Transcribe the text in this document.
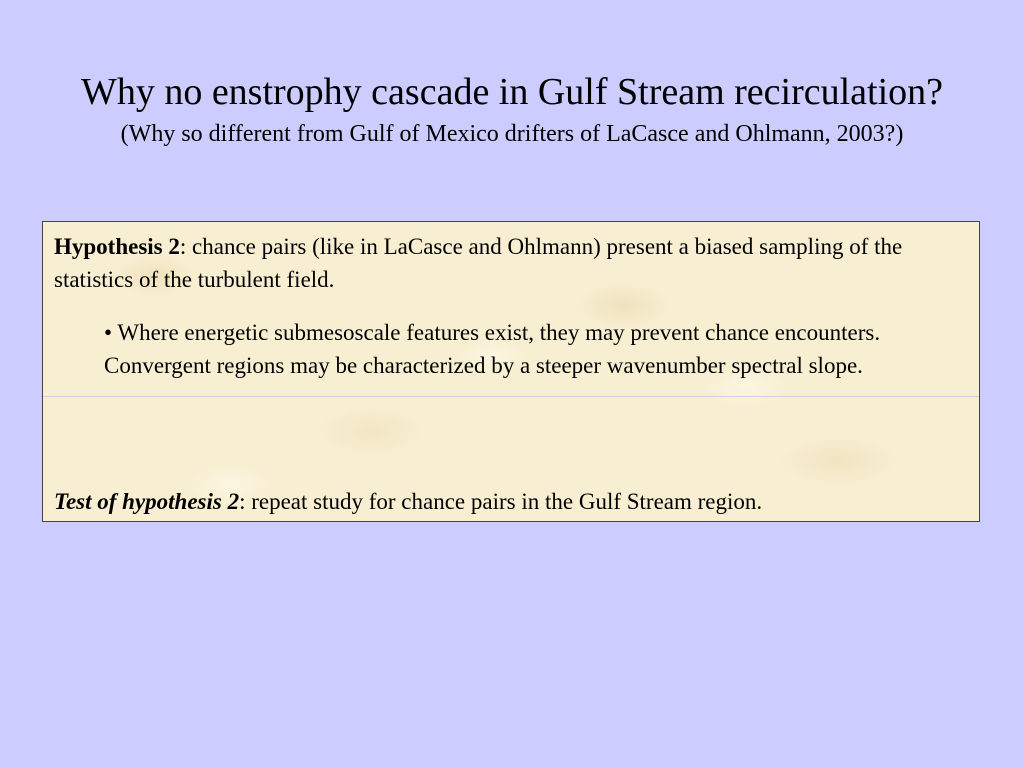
Why no enstrophy cascade in Gulf Stream recirculation?

(Why so different from Gulf of Mexico drifters of LaCasce and Ohlmann, 2003?)

Hypothesis 2: chance pairs (like in LaCasce and Ohlmann) present a biased sampling of the statistics of the turbulent field.

• Where energetic submesoscale features exist, they may prevent chance encounters. Convergent regions may be characterized by a steeper wavenumber spectral slope.

Test of hypothesis 2: repeat study for chance pairs in the Gulf Stream region.
